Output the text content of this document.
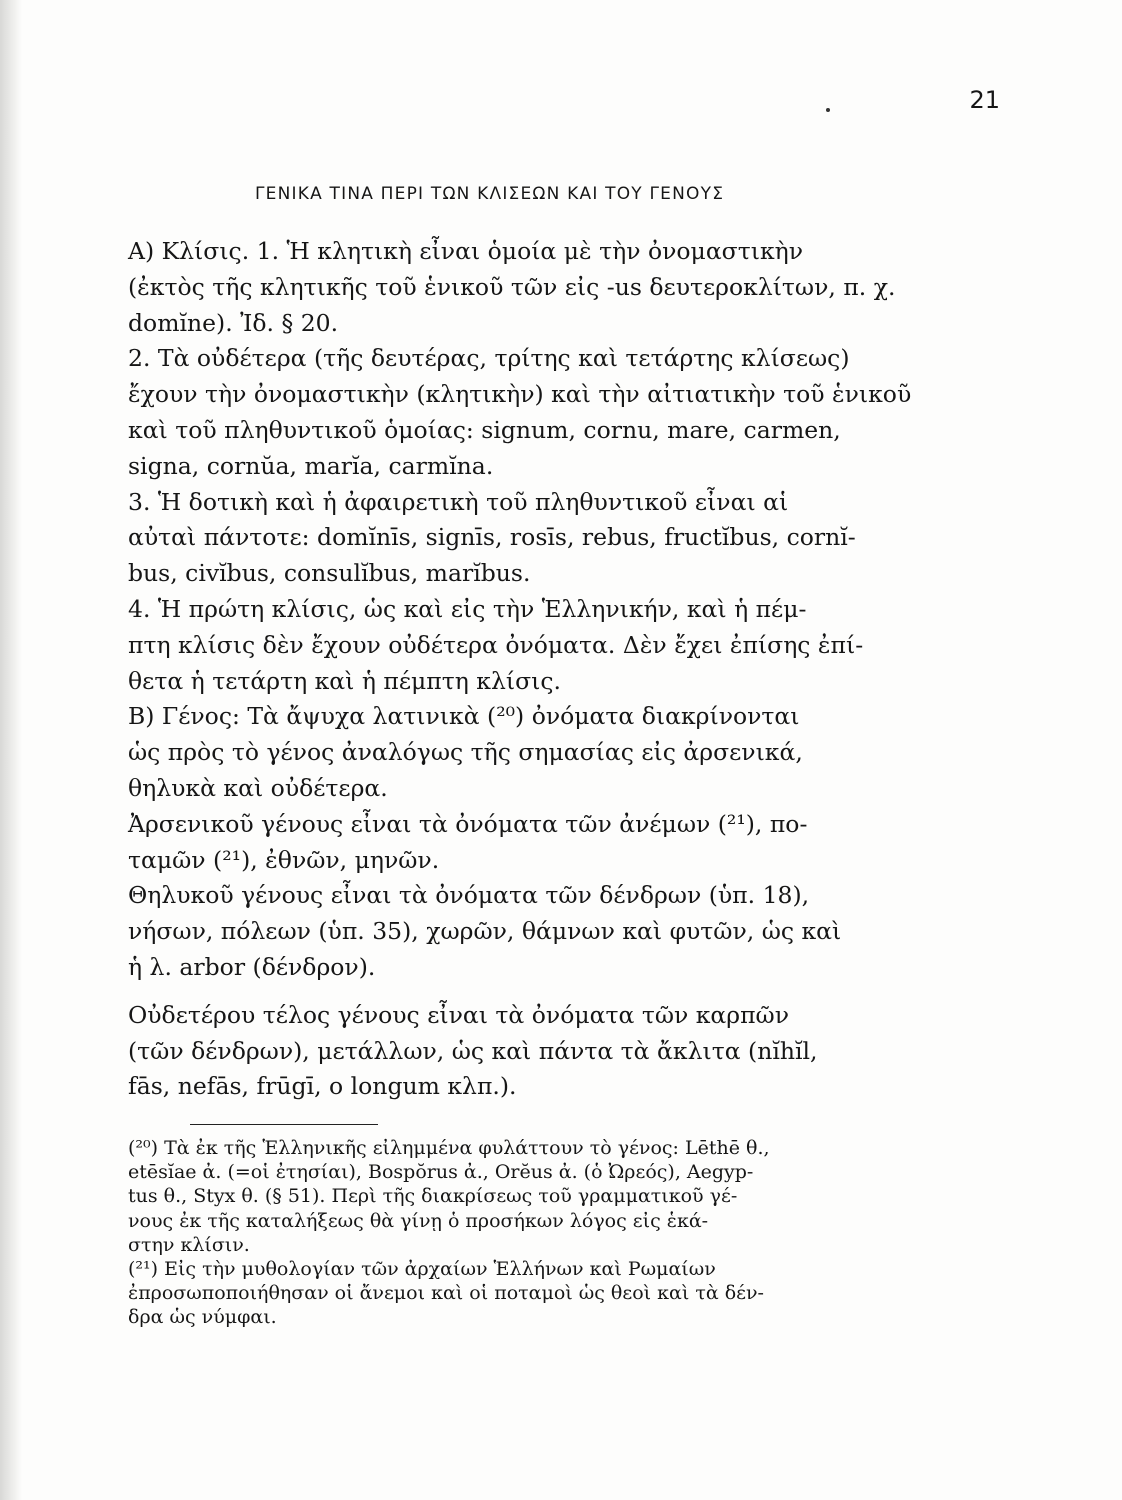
21
ΓΕΝΙΚΑ ΤΙΝΑ ΠΕΡΙ ΤΩΝ ΚΛΙΣΕΩΝ ΚΑΙ ΤΟΥ ΓΕΝΟΥΣ
A) Κλίσις. 1. Ἡ κλητικὴ εἶναι ὁμοία μὲ τὴν ὀνομαστικὴν
(ἐκτὸς τῆς κλητικῆς τοῦ ἑνικοῦ τῶν εἰς -us δευτεροκλίτων, π. χ.
domĭne). Ἰδ. § 20.
2. Τὰ οὐδέτερα (τῆς δευτέρας, τρίτης καὶ τετάρτης κλίσεως)
ἔχουν τὴν ὀνομαστικὴν (κλητικὴν) καὶ τὴν αἰτιατικὴν τοῦ ἑνικοῦ
καὶ τοῦ πληθυντικοῦ ὁμοίας: signum, cornu, mare, carmen,
signa, cornŭa, marĭa, carmĭna.
3. Ἡ δοτικὴ καὶ ἡ ἀφαιρετικὴ τοῦ πληθυντικοῦ εἶναι αἱ
αὐταὶ πάντοτε: domĭnīs, signīs, rosīs, rebus, fructĭbus, cornĭ-
bus, civĭbus, consulĭbus, marĭbus.
4. Ἡ πρώτη κλίσις, ὡς καὶ εἰς τὴν Ἑλληνικήν, καὶ ἡ πέμ-
πτη κλίσις δὲν ἔχουν οὐδέτερα ὀνόματα. Δὲν ἔχει ἐπίσης ἐπί-
θετα ἡ τετάρτη καὶ ἡ πέμπτη κλίσις.
B) Γένος: Τὰ ἄψυχα λατινικὰ (²⁰) ὀνόματα διακρίνονται
ὡς πρὸς τὸ γένος ἀναλόγως τῆς σημασίας εἰς ἀρσενικά,
θηλυκὰ καὶ οὐδέτερα.
Ἀρσενικοῦ γένους εἶναι τὰ ὀνόματα τῶν ἀνέμων (²¹), πο-
ταμῶν (²¹), ἐθνῶν, μηνῶν.
Θηλυκοῦ γένους εἶναι τὰ ὀνόματα τῶν δένδρων (ὑπ. 18),
νήσων, πόλεων (ὑπ. 35), χωρῶν, θάμνων καὶ φυτῶν, ὡς καὶ
ἡ λ. arbor (δένδρον).
Οὐδετέρου τέλος γένους εἶναι τὰ ὀνόματα τῶν καρπῶν
(τῶν δένδρων), μετάλλων, ὡς καὶ πάντα τὰ ἄκλιτα (nĭhĭl,
fās, nefās, frūgī, o longum κλπ.).
(²⁰) Τὰ ἐκ τῆς Ἑλληνικῆς εἰλημμένα φυλάττουν τὸ γένος: Lēthē θ.,
etēsĭae ἀ. (=οἱ ἐτησίαι), Bospŏrus ἀ., Orĕus ἀ. (ὁ Ὠρεός), Aegyp-
tus θ., Styx θ. (§ 51). Περὶ τῆς διακρίσεως τοῦ γραμματικοῦ γέ-
νους ἐκ τῆς καταλήξεως θὰ γίνῃ ὁ προσήκων λόγος εἰς ἑκά-
στην κλίσιν.
(²¹) Εἰς τὴν μυθολογίαν τῶν ἀρχαίων Ἑλλήνων καὶ Ρωμαίων
ἐπροσωποποιήθησαν οἱ ἄνεμοι καὶ οἱ ποταμοὶ ὡς θεοὶ καὶ τὰ δέν-
δρα ὡς νύμφαι.
